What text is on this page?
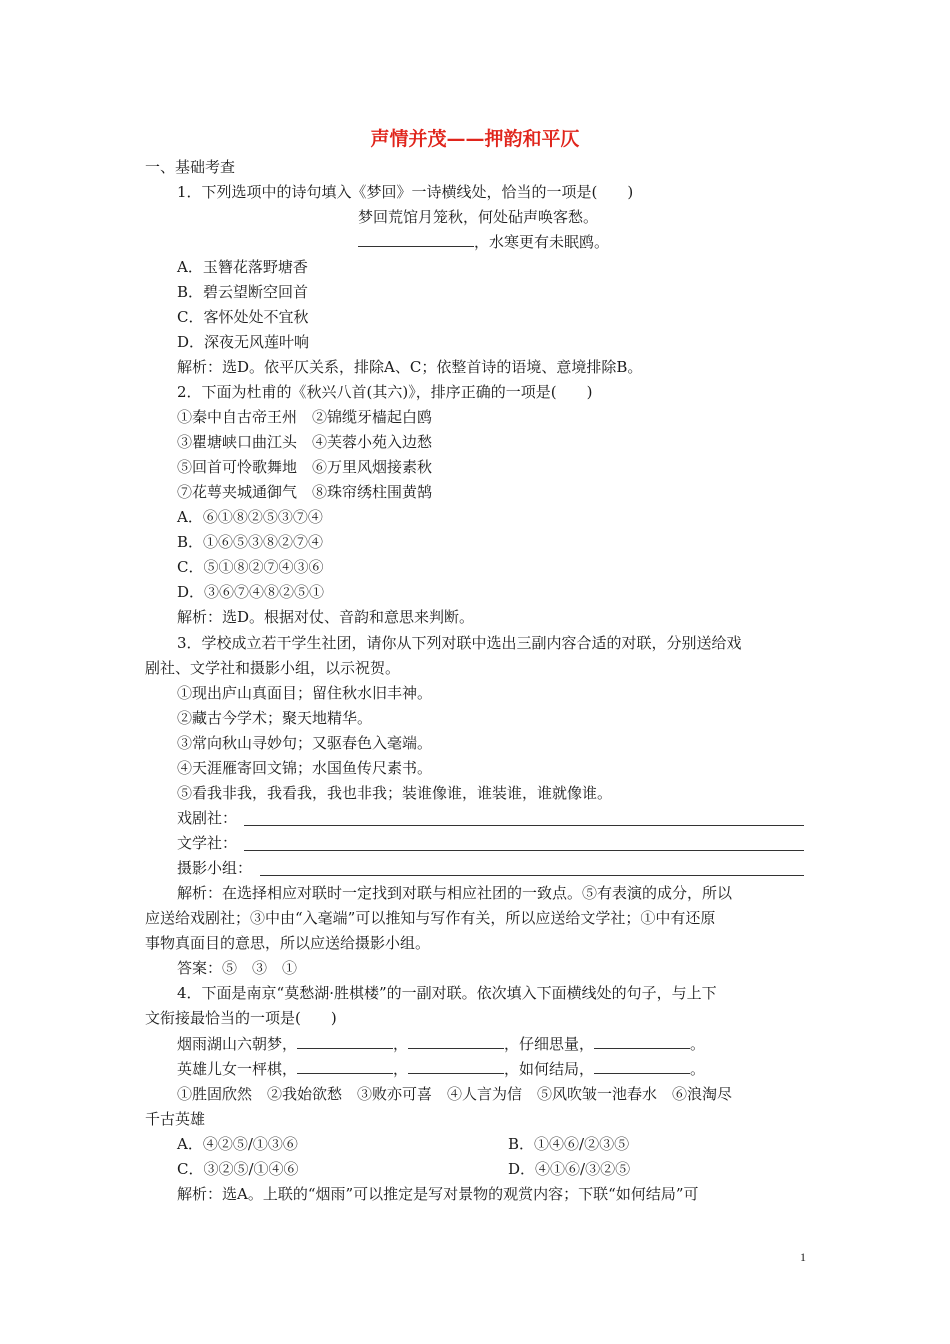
声情并茂——押韵和平仄
一、基础考查
1．下列选项中的诗句填入《梦回》一诗横线处，恰当的一项是(　　)
梦回荒馆月笼秋，何处砧声唤客愁。
，水寒更有未眠鸥。
A．玉簪花落野塘香
B．碧云望断空回首
C．客怀处处不宜秋
D．深夜无风莲叶响
解析：选D。依平仄关系，排除A、C；依整首诗的语境、意境排除B。
2．下面为杜甫的《秋兴八首(其六)》，排序正确的一项是(　　)
①秦中自古帝王州　②锦缆牙樯起白鸥
③瞿塘峡口曲江头　④芙蓉小苑入边愁
⑤回首可怜歌舞地　⑥万里风烟接素秋
⑦花萼夹城通御气　⑧珠帘绣柱围黄鹄
A．⑥①⑧②⑤③⑦④
B．①⑥⑤③⑧②⑦④
C．⑤①⑧②⑦④③⑥
D．③⑥⑦④⑧②⑤①
解析：选D。根据对仗、音韵和意思来判断。
3．学校成立若干学生社团，请你从下列对联中选出三副内容合适的对联，分别送给戏
剧社、文学社和摄影小组，以示祝贺。
①现出庐山真面目；留住秋水旧丰神。
②藏古今学术；聚天地精华。
③常向秋山寻妙句；又驱春色入毫端。
④天涯雁寄回文锦；水国鱼传尺素书。
⑤看我非我，我看我，我也非我；装谁像谁，谁装谁，谁就像谁。
戏剧社：
文学社：
摄影小组：
解析：在选择相应对联时一定找到对联与相应社团的一致点。⑤有表演的成分，所以
应送给戏剧社；③中由“入毫端”可以推知与写作有关，所以应送给文学社；①中有还原
事物真面目的意思，所以应送给摄影小组。
答案：⑤　③　①
4．下面是南京“莫愁湖·胜棋楼”的一副对联。依次填入下面横线处的句子，与上下
文衔接最恰当的一项是(　　)
烟雨湖山六朝梦，	，	，仔细思量，	。
英雄儿女一枰棋，	，	，如何结局，	。
①胜固欣然　②我始欲愁　③败亦可喜　④人言为信　⑤风吹皱一池春水　⑥浪淘尽
千古英雄
A．④②⑤/①③⑥	B．①④⑥/②③⑤
C．③②⑤/①④⑥	D．④①⑥/③②⑤
解析：选A。上联的“烟雨”可以推定是写对景物的观赏内容；下联“如何结局”可
1
